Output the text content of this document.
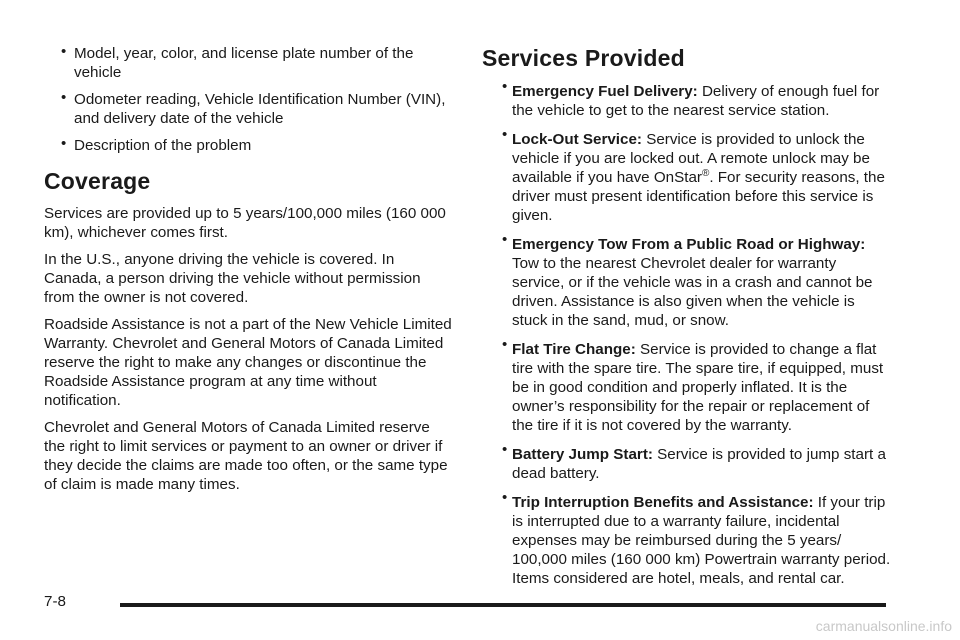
• Model, year, color, and license plate number of the vehicle
• Odometer reading, Vehicle Identification Number (VIN), and delivery date of the vehicle
• Description of the problem
Coverage

Services are provided up to 5 years/100,000 miles (160 000 km), whichever comes first.

In the U.S., anyone driving the vehicle is covered. In Canada, a person driving the vehicle without permission from the owner is not covered.

Roadside Assistance is not a part of the New Vehicle Limited Warranty. Chevrolet and General Motors of Canada Limited reserve the right to make any changes or discontinue the Roadside Assistance program at any time without notification.

Chevrolet and General Motors of Canada Limited reserve the right to limit services or payment to an owner or driver if they decide the claims are made too often, or the same type of claim is made many times.

Services Provided
• Emergency Fuel Delivery: Delivery of enough fuel for the vehicle to get to the nearest service station.
• Lock-Out Service: Service is provided to unlock the vehicle if you are locked out. A remote unlock may be available if you have OnStar®. For security reasons, the driver must present identification before this service is given.
• Emergency Tow From a Public Road or Highway: Tow to the nearest Chevrolet dealer for warranty service, or if the vehicle was in a crash and cannot be driven. Assistance is also given when the vehicle is stuck in the sand, mud, or snow.
• Flat Tire Change: Service is provided to change a flat tire with the spare tire. The spare tire, if equipped, must be in good condition and properly inflated. It is the owner’s responsibility for the repair or replacement of the tire if it is not covered by the warranty.
• Battery Jump Start: Service is provided to jump start a dead battery.
• Trip Interruption Benefits and Assistance: If your trip is interrupted due to a warranty failure, incidental expenses may be reimbursed during the 5 years/ 100,000 miles (160 000 km) Powertrain warranty period. Items considered are hotel, meals, and rental car.
7-8
carmanualsonline.info
